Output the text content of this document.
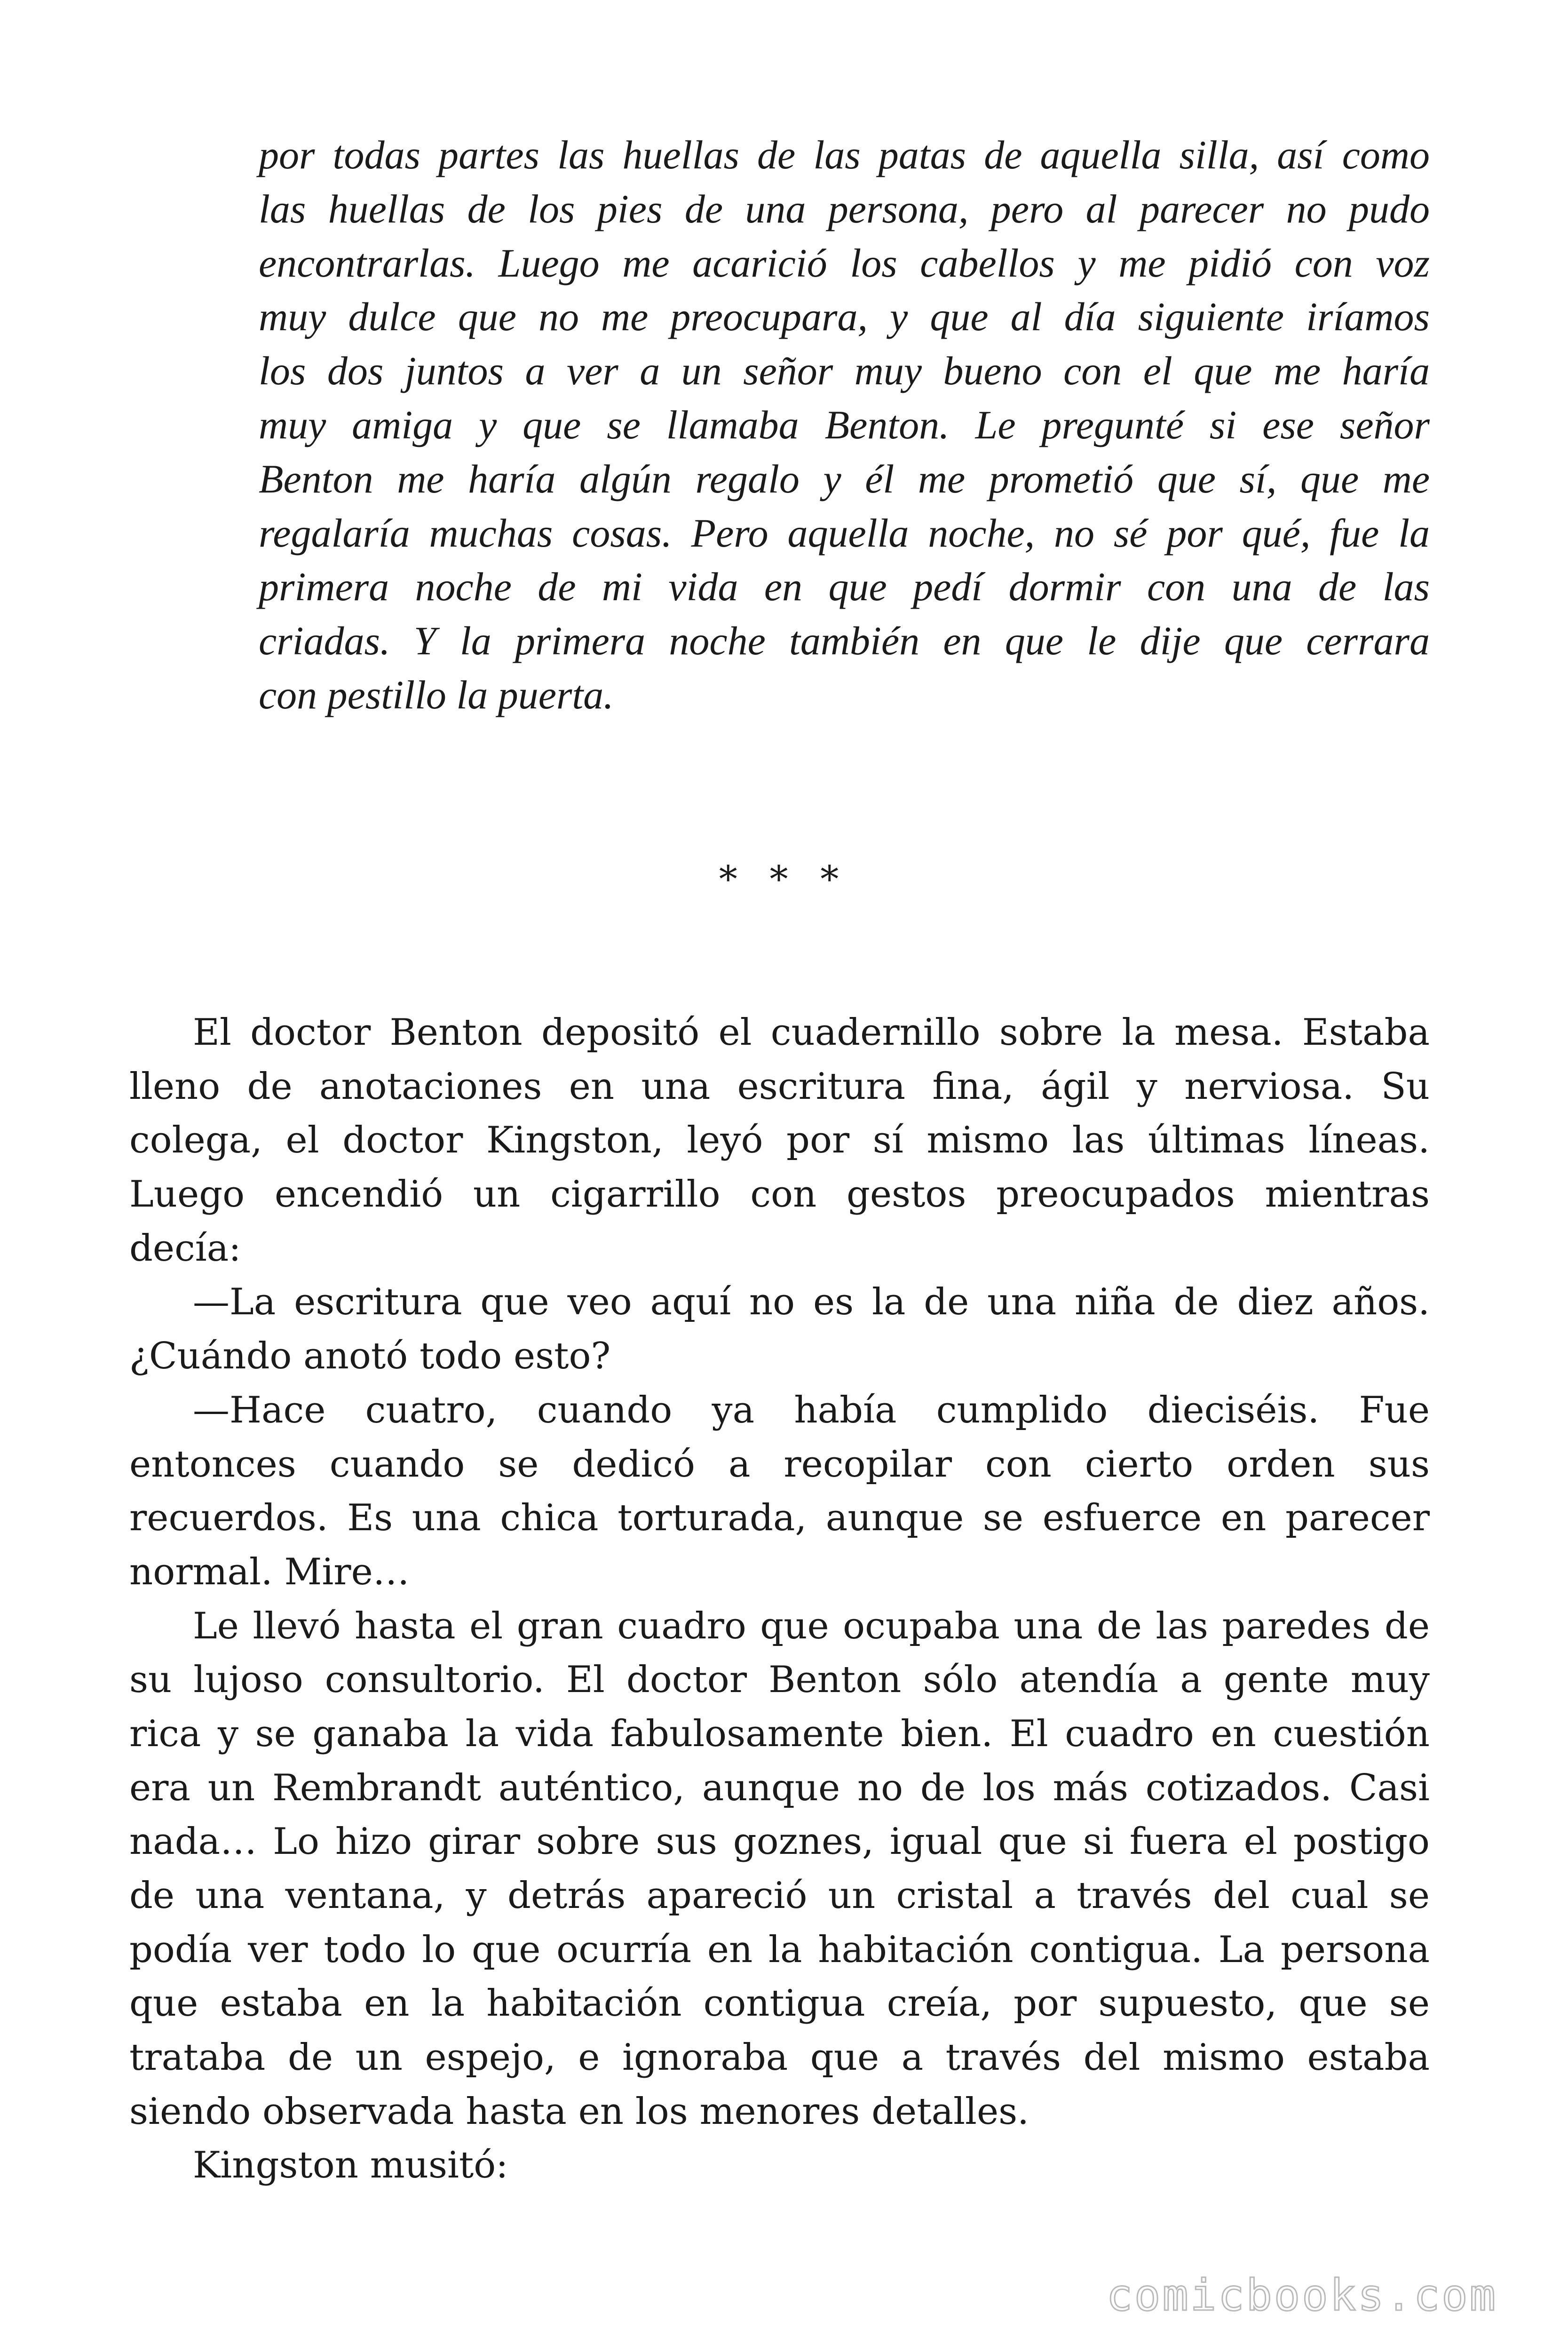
por todas partes las huellas de las patas de aquella silla, así como
las huellas de los pies de una persona, pero al parecer no pudo
encontrarlas. Luego me acarició los cabellos y me pidió con voz
muy dulce que no me preocupara, y que al día siguiente iríamos
los dos juntos a ver a un señor muy bueno con el que me haría
muy amiga y que se llamaba Benton. Le pregunté si ese señor
Benton me haría algún regalo y él me prometió que sí, que me
regalaría muchas cosas. Pero aquella noche, no sé por qué, fue la
primera noche de mi vida en que pedí dormir con una de las
criadas. Y la primera noche también en que le dije que cerrara
con pestillo la puerta.
* * *
El doctor Benton depositó el cuadernillo sobre la mesa. Estaba
lleno de anotaciones en una escritura fina, ágil y nerviosa. Su
colega, el doctor Kingston, leyó por sí mismo las últimas líneas.
Luego encendió un cigarrillo con gestos preocupados mientras
decía:
—La escritura que veo aquí no es la de una niña de diez años.
¿Cuándo anotó todo esto?
—Hace cuatro, cuando ya había cumplido dieciséis. Fue
entonces cuando se dedicó a recopilar con cierto orden sus
recuerdos. Es una chica torturada, aunque se esfuerce en parecer
normal. Mire…
Le llevó hasta el gran cuadro que ocupaba una de las paredes de
su lujoso consultorio. El doctor Benton sólo atendía a gente muy
rica y se ganaba la vida fabulosamente bien. El cuadro en cuestión
era un Rembrandt auténtico, aunque no de los más cotizados. Casi
nada… Lo hizo girar sobre sus goznes, igual que si fuera el postigo
de una ventana, y detrás apareció un cristal a través del cual se
podía ver todo lo que ocurría en la habitación contigua. La persona
que estaba en la habitación contigua creía, por supuesto, que se
trataba de un espejo, e ignoraba que a través del mismo estaba
siendo observada hasta en los menores detalles.
Kingston musitó:
comicbooks.com
